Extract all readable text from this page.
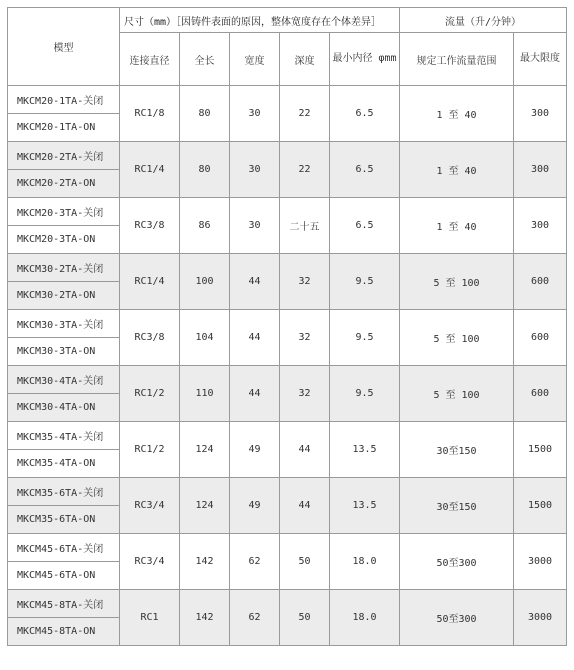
模型	尺寸（mm）［因铸件表面的原因，整体宽度存在个体差异］					流量（升/分钟）	
	连接直径	全长	宽度	深度	最小内径 φmm	规定工作流量范围	最大限度
MKCM20-1TA-关闭	RC1/8	80	30	22	6.5	1 至 40	300
MKCM20-1TA-ON							
MKCM20-2TA-关闭	RC1/4	80	30	22	6.5	1 至 40	300
MKCM20-2TA-ON							
MKCM20-3TA-关闭	RC3/8	86	30	二十五	6.5	1 至 40	300
MKCM20-3TA-ON							
MKCM30-2TA-关闭	RC1/4	100	44	32	9.5	5 至 100	600
MKCM30-2TA-ON							
MKCM30-3TA-关闭	RC3/8	104	44	32	9.5	5 至 100	600
MKCM30-3TA-ON							
MKCM30-4TA-关闭	RC1/2	110	44	32	9.5	5 至 100	600
MKCM30-4TA-ON							
MKCM35-4TA-关闭	RC1/2	124	49	44	13.5	30至150	1500
MKCM35-4TA-ON							
MKCM35-6TA-关闭	RC3/4	124	49	44	13.5	30至150	1500
MKCM35-6TA-ON							
MKCM45-6TA-关闭	RC3/4	142	62	50	18.0	50至300	3000
MKCM45-6TA-ON							
MKCM45-8TA-关闭	RC1	142	62	50	18.0	50至300	3000
MKCM45-8TA-ON							
